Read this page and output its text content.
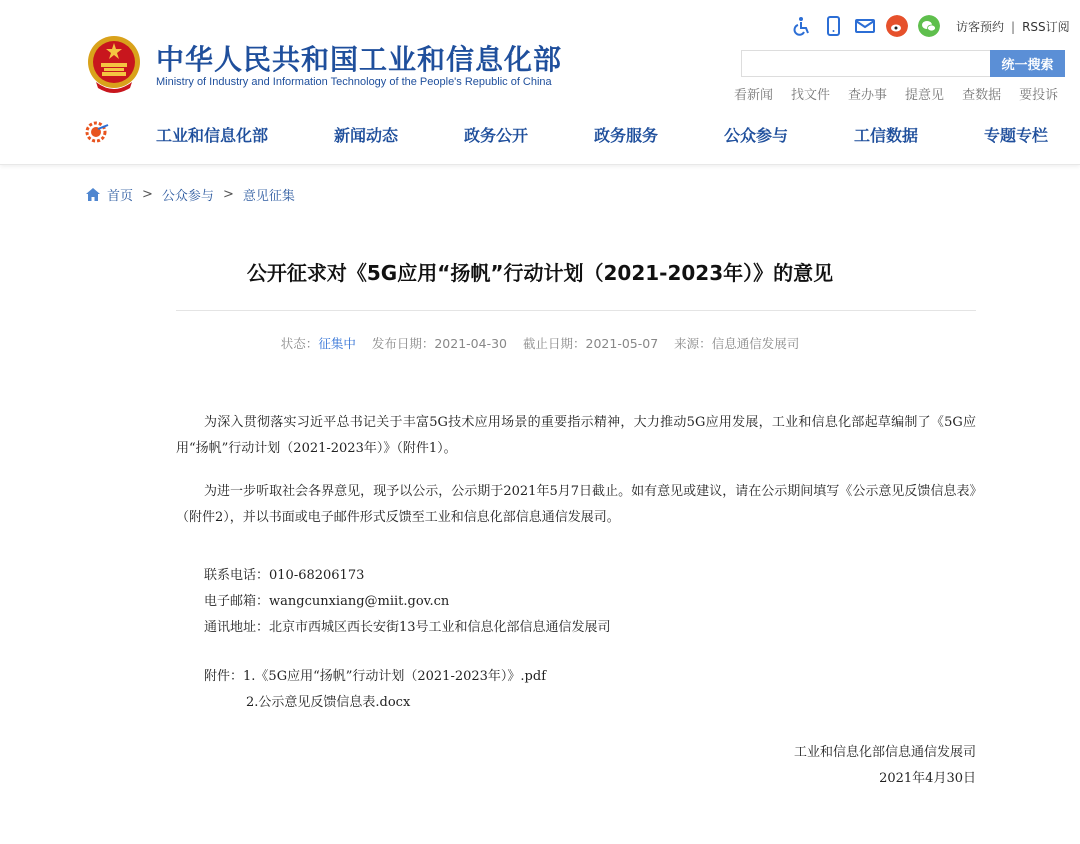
中华人民共和国工业和信息化部
Ministry of Industry and Information Technology of the People's Republic of China
访客预约 | RSS订阅
统一搜索
看新闻 找文件 查办事 提意见 查数据 要投诉
工业和信息化部	新闻动态	政务公开	政务服务	公众参与	工信数据	专题专栏
首页 > 公众参与 > 意见征集
公开征求对《5G应用“扬帆”行动计划（2021-2023年）》的意见
状态：征集中 发布日期：2021-04-30 截止日期：2021-05-07 来源：信息通信发展司

为深入贯彻落实习近平总书记关于丰富5G技术应用场景的重要指示精神，大力推动5G应用发展，工业和信息化部起草编制了《5G应用“扬帆”行动计划（2021-2023年）》（附件1）。

为进一步听取社会各界意见，现予以公示，公示期于2021年5月7日截止。如有意见或建议，请在公示期间填写《公示意见反馈信息表》（附件2），并以书面或电子邮件形式反馈至工业和信息化部信息通信发展司。

联系电话：010-68206173
电子邮箱：wangcunxiang@miit.gov.cn
通讯地址：北京市西城区西长安街13号工业和信息化部信息通信发展司
附件：1.《5G应用“扬帆”行动计划（2021-2023年）》.pdf
2.公示意见反馈信息表.docx
工业和信息化部信息通信发展司
2021年4月30日
